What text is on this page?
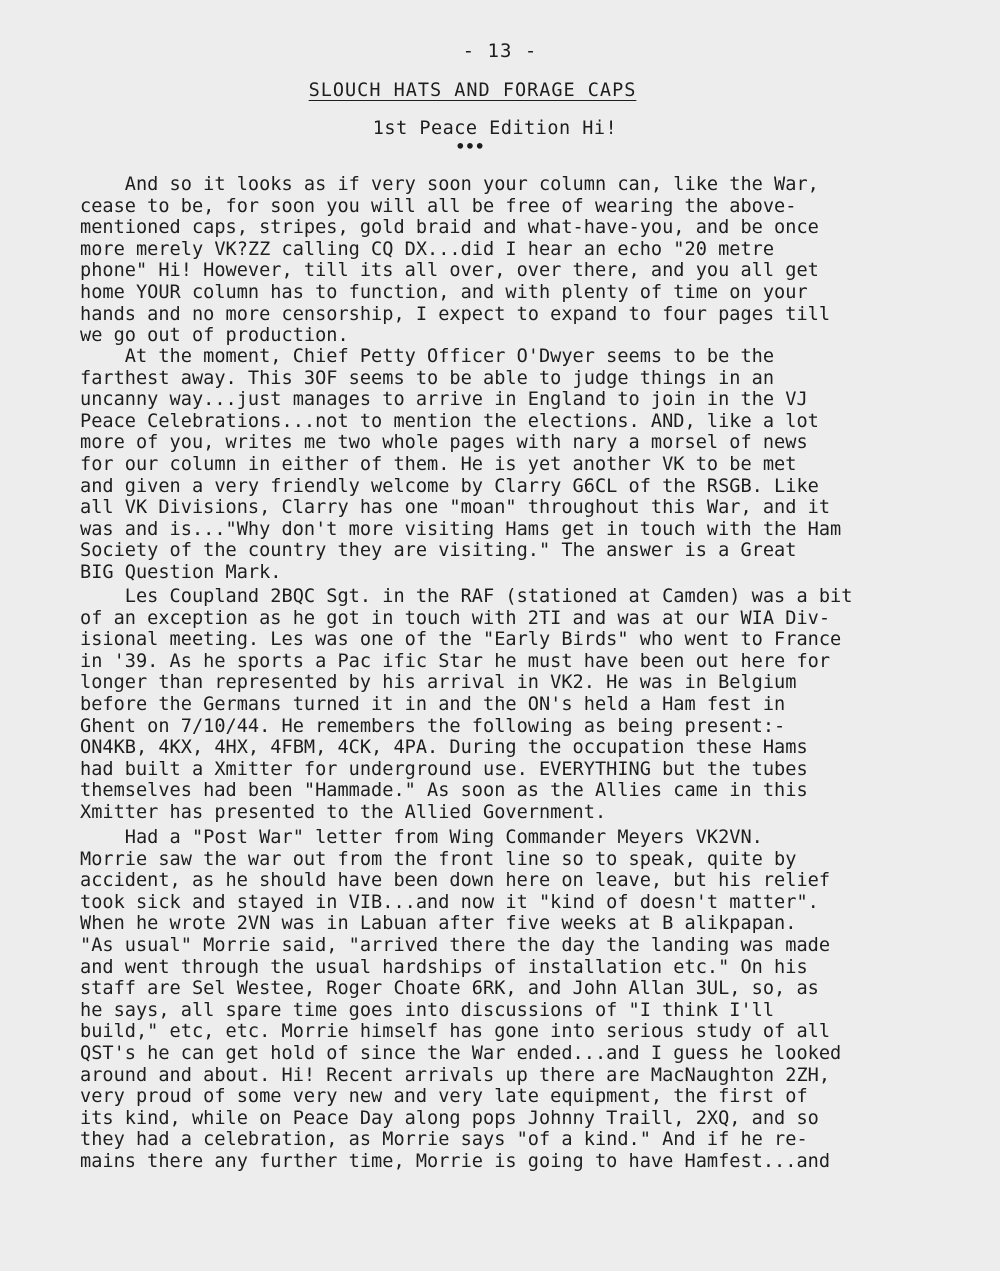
- 13 -
SLOUCH HATS AND FORAGE CAPS
1st Peace Edition Hi!
•••
And so it looks as if very soon your column can, like the War,
cease to be, for soon you will all be free of wearing the above-
mentioned caps, stripes, gold braid and what-have-you, and be once
more merely VK?ZZ calling CQ DX...did I hear an echo "20 metre
phone" Hi! However, till its all over, over there, and you all get
home YOUR column has to function, and with plenty of time on your
hands and no more censorship, I expect to expand to four pages till
we go out of production.
At the moment, Chief Petty Officer O'Dwyer seems to be the
farthest away. This 3OF seems to be able to judge things in an
uncanny way...just manages to arrive in England to join in the VJ
Peace Celebrations...not to mention the elections. AND, like a lot
more of you, writes me two whole pages with nary a morsel of news
for our column in either of them. He is yet another VK to be met
and given a very friendly welcome by Clarry G6CL of the RSGB. Like
all VK Divisions, Clarry has one "moan" throughout this War, and it
was and is..."Why don't more visiting Hams get in touch with the Ham
Society of the country they are visiting." The answer is a Great
BIG Question Mark.
Les Coupland 2BQC Sgt. in the RAF (stationed at Camden) was a bit
of an exception as he got in touch with 2TI and was at our WIA Div-
isional meeting. Les was one of the "Early Birds" who went to France
in '39. As he sports a Pac ific Star he must have been out here for
longer than represented by his arrival in VK2. He was in Belgium
before the Germans turned it in and the ON's held a Ham fest in
Ghent on 7/10/44. He remembers the following as being present:-
ON4KB, 4KX, 4HX, 4FBM, 4CK, 4PA. During the occupation these Hams
had built a Xmitter for underground use. EVERYTHING but the tubes
themselves had been "Hammade." As soon as the Allies came in this
Xmitter has presented to the Allied Government.
Had a "Post War" letter from Wing Commander Meyers VK2VN.
Morrie saw the war out from the front line so to speak, quite by
accident, as he should have been down here on leave, but his relief
took sick and stayed in VIB...and now it "kind of doesn't matter".
When he wrote 2VN was in Labuan after five weeks at B alikpapan.
"As usual" Morrie said, "arrived there the day the landing was made
and went through the usual hardships of installation etc." On his
staff are Sel Westee, Roger Choate 6RK, and John Allan 3UL, so, as
he says, all spare time goes into discussions of "I think I'll
build," etc, etc. Morrie himself has gone into serious study of all
QST's he can get hold of since the War ended...and I guess he looked
around and about. Hi! Recent arrivals up there are MacNaughton 2ZH,
very proud of some very new and very late equipment, the first of
its kind, while on Peace Day along pops Johnny Traill, 2XQ, and so
they had a celebration, as Morrie says "of a kind." And if he re-
mains there any further time, Morrie is going to have Hamfest...and
